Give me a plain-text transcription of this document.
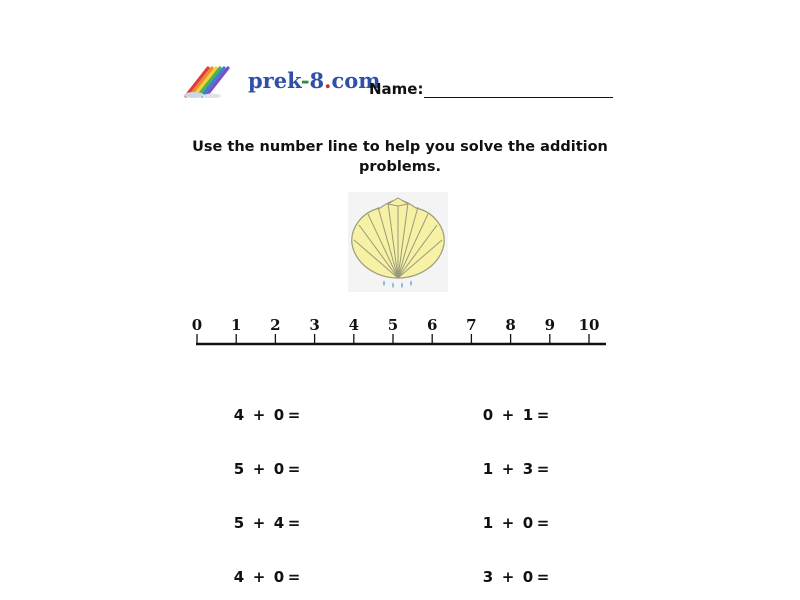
prek-8.com
Name:
Use the number line to help you solve the addition problems.
0 1 2 3 4 5 6 7 8 9 10
4 + 0 =
5 + 0 =
5 + 4 =
4 + 0 =
0 + 1 =
1 + 3 =
1 + 0 =
3 + 0 =
